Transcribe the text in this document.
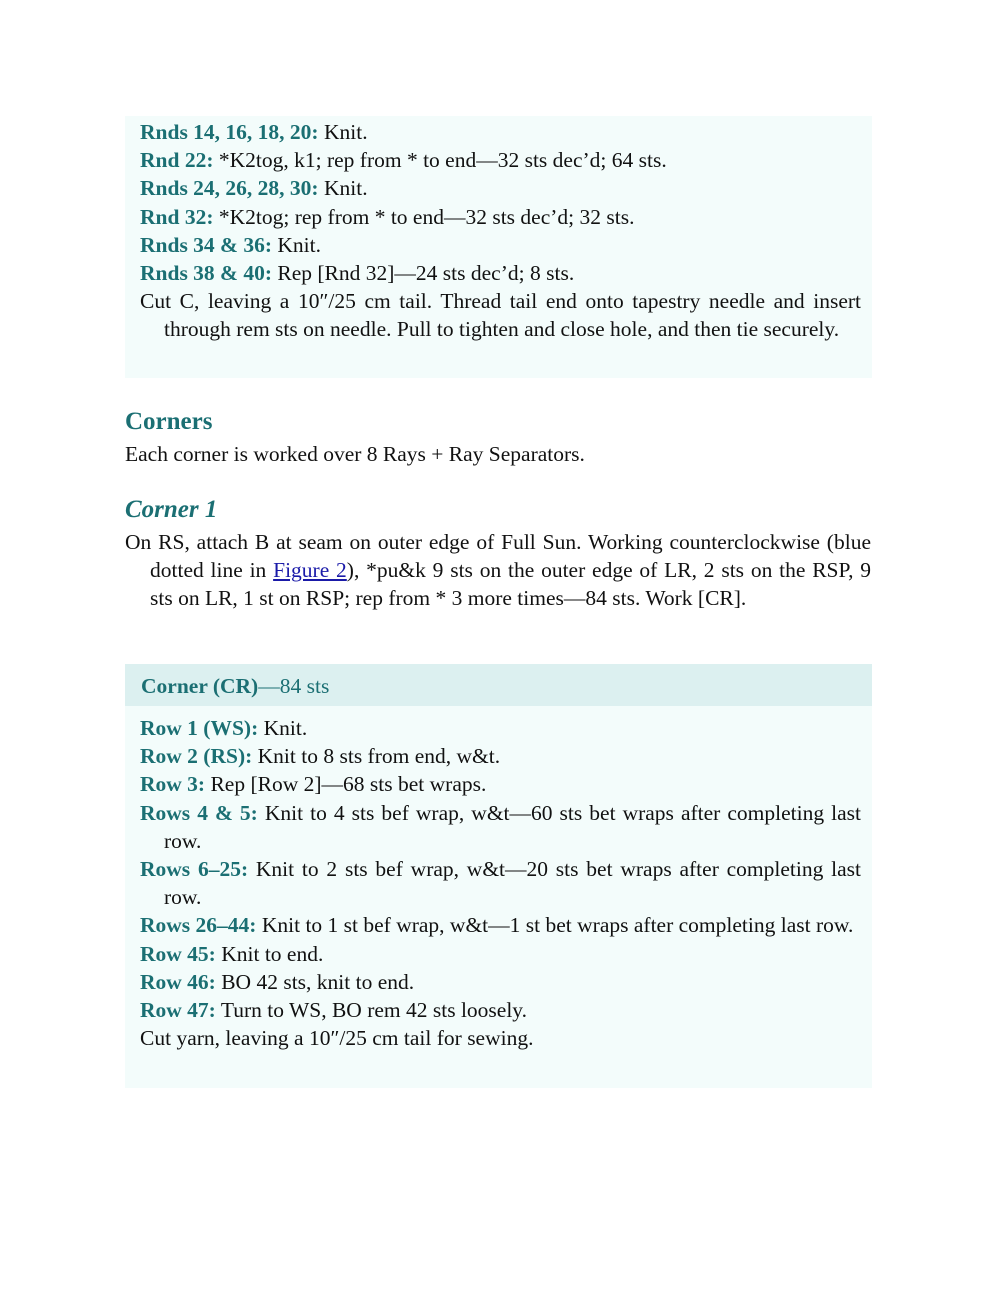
Rnds 14, 16, 18, 20: Knit.

Rnd 22: *K2tog, k1; rep from * to end—32 sts dec’d; 64 sts.

Rnds 24, 26, 28, 30: Knit.

Rnd 32: *K2tog; rep from * to end—32 sts dec’d; 32 sts.

Rnds 34 & 36: Knit.

Rnds 38 & 40: Rep [Rnd 32]—24 sts dec’d; 8 sts.

Cut C, leaving a 10″/25 cm tail. Thread tail end onto tapestry needle and insert through rem sts on needle. Pull to tighten and close hole, and then tie securely.

Corners

Each corner is worked over 8 Rays + Ray Separators.

Corner 1

On RS, attach B at seam on outer edge of Full Sun. Working counterclockwise (blue dotted line in Figure 2), *pu&k 9 sts on the outer edge of LR, 2 sts on the RSP, 9 sts on LR, 1 st on RSP; rep from * 3 more times—84 sts. Work [CR].

Corner (CR)—84 sts

Row 1 (WS): Knit.

Row 2 (RS): Knit to 8 sts from end, w&t.

Row 3: Rep [Row 2]—68 sts bet wraps.

Rows 4 & 5: Knit to 4 sts bef wrap, w&t—60 sts bet wraps after completing last row.

Rows 6–25: Knit to 2 sts bef wrap, w&t—20 sts bet wraps after completing last row.

Rows 26–44: Knit to 1 st bef wrap, w&t—1 st bet wraps after completing last row.

Row 45: Knit to end.

Row 46: BO 42 sts, knit to end.

Row 47: Turn to WS, BO rem 42 sts loosely.

Cut yarn, leaving a 10″/25 cm tail for sewing.
